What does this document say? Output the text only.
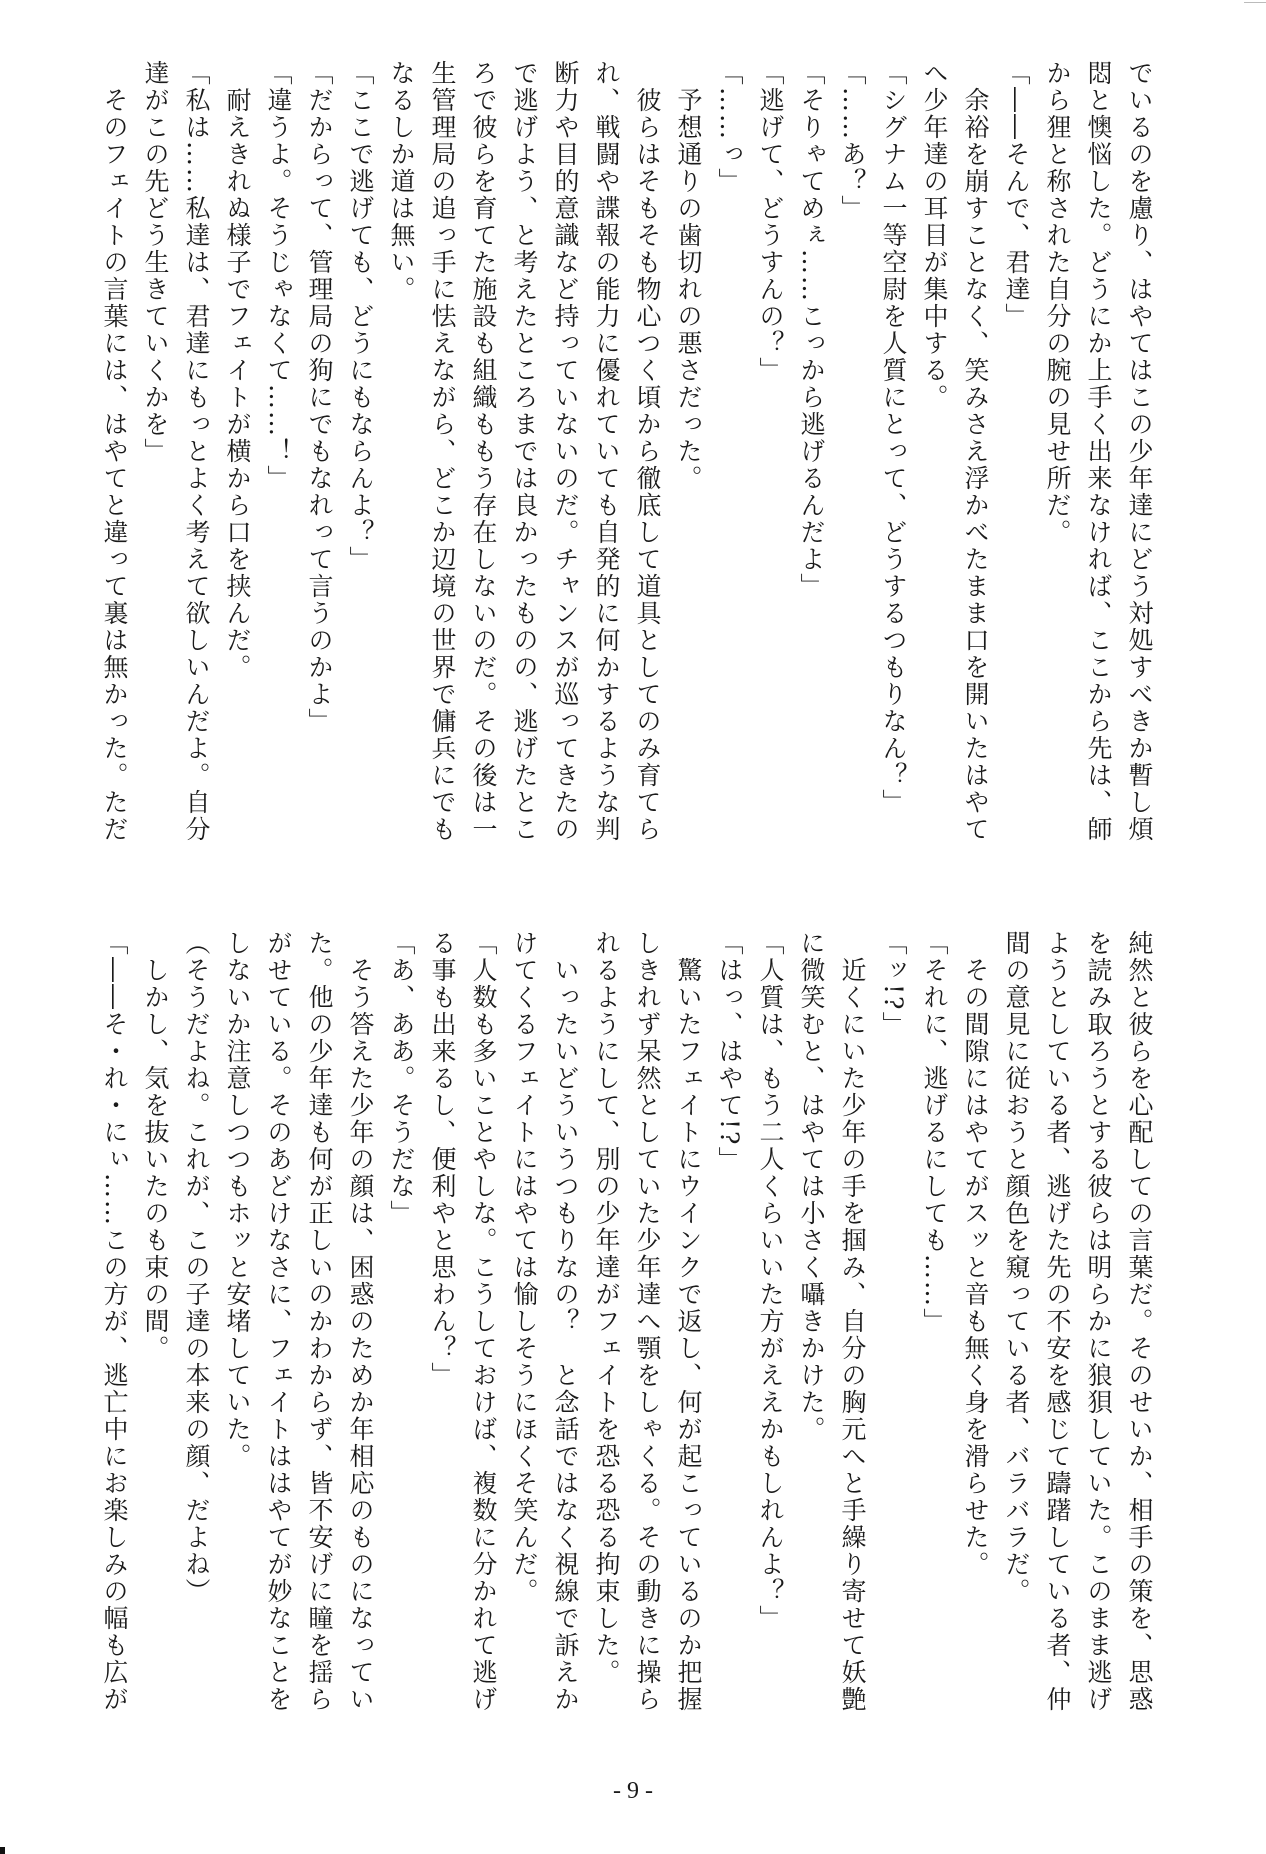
でいるのを慮り、はやてはこの少年達にどう対処すべきか暫し煩
悶と懊悩した。どうにか上手く出来なければ、ここから先は、師
から狸と称された自分の腕の見せ所だ。
「――そんで、君達」
　余裕を崩すことなく、笑みさえ浮かべたまま口を開いたはやて
へ少年達の耳目が集中する。
「シグナム一等空尉を人質にとって、どうするつもりなん？」
「……あ？」
「そりゃてめぇ……こっから逃げるんだよ」
「逃げて、どうすんの？」
「……っ」
　予想通りの歯切れの悪さだった。
　彼らはそもそも物心つく頃から徹底して道具としてのみ育てら
れ、戦闘や諜報の能力に優れていても自発的に何かするような判
断力や目的意識など持っていないのだ。チャンスが巡ってきたの
で逃げよう、と考えたところまでは良かったものの、逃げたとこ
ろで彼らを育てた施設も組織ももう存在しないのだ。その後は一
生管理局の追っ手に怯えながら、どこか辺境の世界で傭兵にでも
なるしか道は無い。
「ここで逃げても、どうにもならんよ？」
「だからって、管理局の狗にでもなれって言うのかよ」
「違うよ。そうじゃなくて……！」
　耐えきれぬ様子でフェイトが横から口を挟んだ。
「私は……私達は、君達にもっとよく考えて欲しいんだよ。自分
達がこの先どう生きていくかを」
　そのフェイトの言葉には、はやてと違って裏は無かった。ただ
純然と彼らを心配しての言葉だ。そのせいか、相手の策を、思惑
を読み取ろうとする彼らは明らかに狼狽していた。このまま逃げ
ようとしている者、逃げた先の不安を感じて躊躇している者、仲
間の意見に従おうと顔色を窺っている者、バラバラだ。
　その間隙にはやてがスッと音も無く身を滑らせた。
「それに、逃げるにしても……」
「ッ!?」
　近くにいた少年の手を掴み、自分の胸元へと手繰り寄せて妖艶
に微笑むと、はやては小さく囁きかけた。
「人質は、もう二人くらいいた方がええかもしれんよ？」
「はっ、はやて!?」
　驚いたフェイトにウインクで返し、何が起こっているのか把握
しきれず呆然としていた少年達へ顎をしゃくる。その動きに操ら
れるようにして、別の少年達がフェイトを恐る恐る拘束した。
　いったいどういうつもりなの？　と念話ではなく視線で訴えか
けてくるフェイトにはやては愉しそうにほくそ笑んだ。
「人数も多いことやしな。こうしておけば、複数に分かれて逃げ
る事も出来るし、便利やと思わん？」
「あ、ああ。そうだな」
　そう答えた少年の顔は、困惑のためか年相応のものになってい
た。他の少年達も何が正しいのかわからず、皆不安げに瞳を揺ら
がせている。そのあどけなさに、フェイトははやてが妙なことを
しないか注意しつつもホッと安堵していた。
（そうだよね。これが、この子達の本来の顔、だよね）
　しかし、気を抜いたのも束の間。
「――そ・れ・にぃ……この方が、逃亡中にお楽しみの幅も広が
- 9 -
